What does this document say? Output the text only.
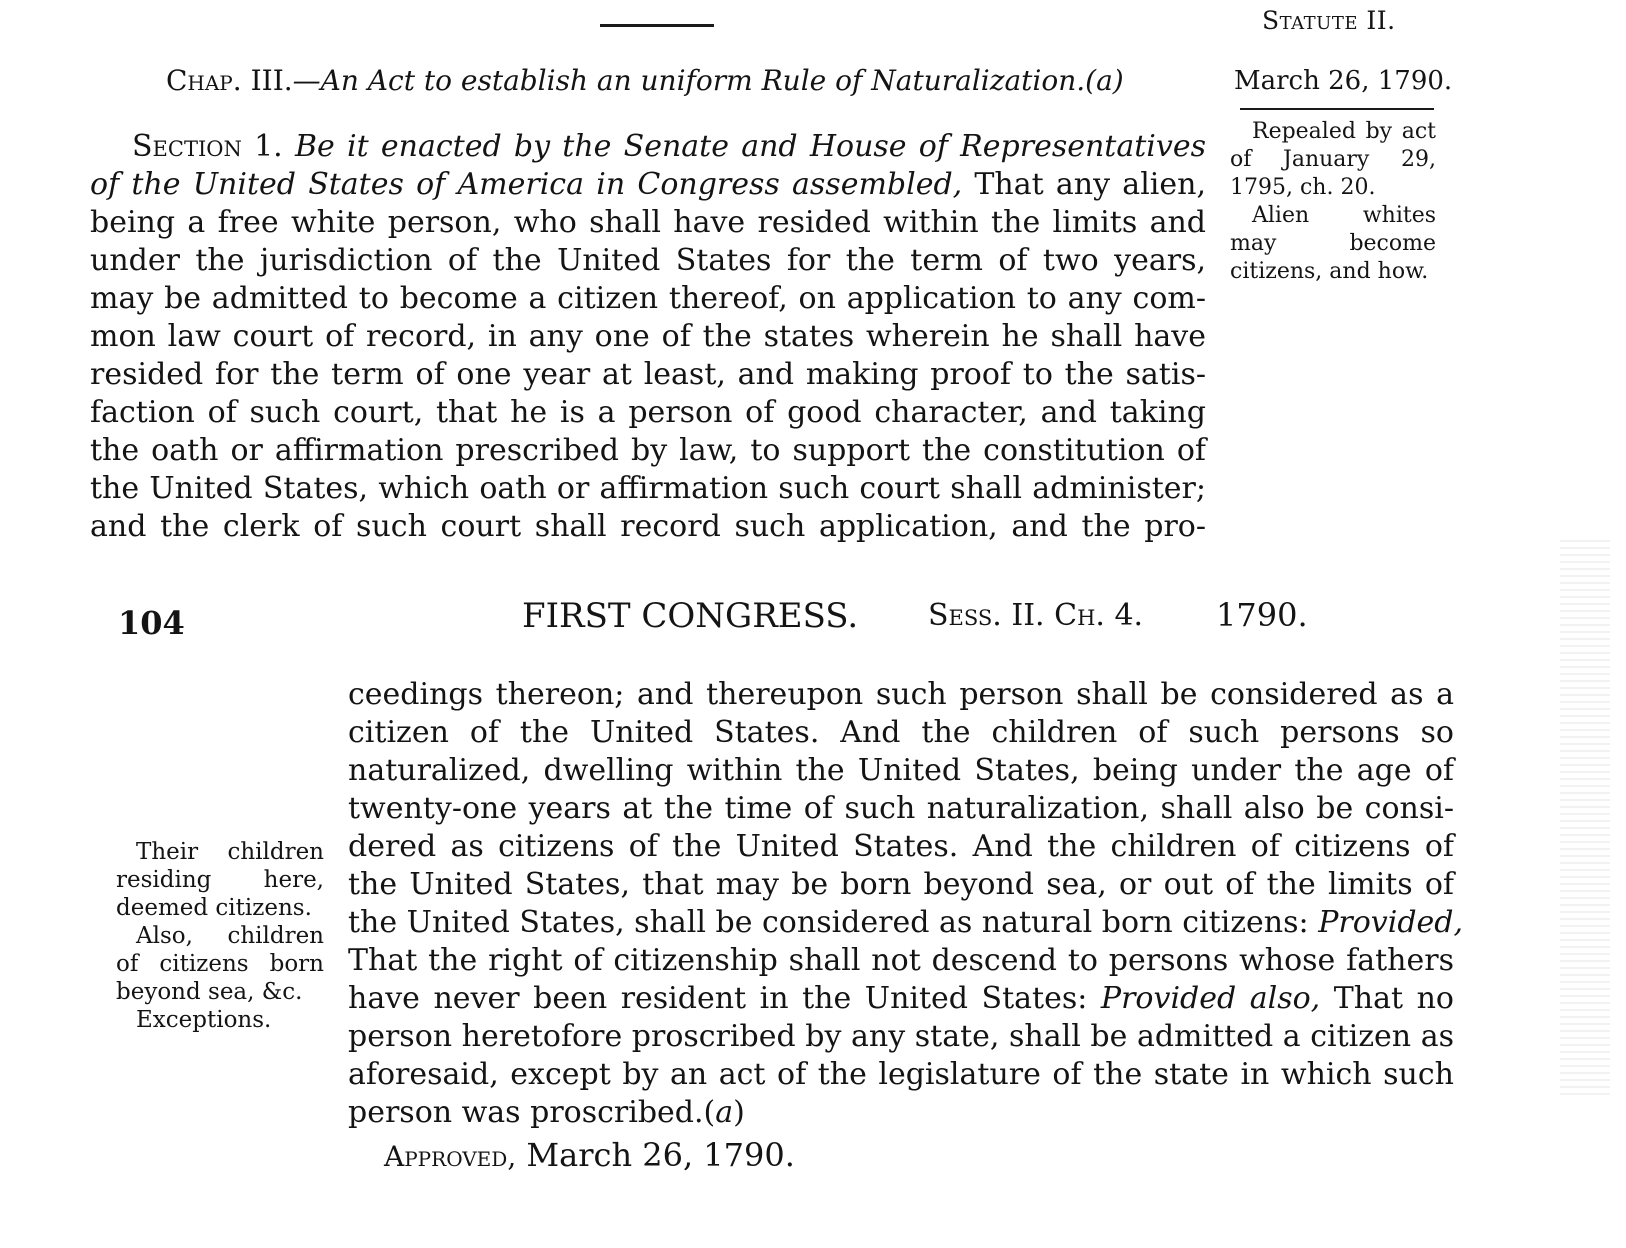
Statute II.
Chap. III.—An Act to establish an uniform Rule of Naturalization.(a)	March 26, 1790.

Repealed by act of January 29, 1795, ch. 20.

Alien whites may become citizens, and how.

Section 1. Be it enacted by the Senate and House of Representatives
of the United States of America in Congress assembled, That any alien,
being a free white person, who shall have resided within the limits and
under the jurisdiction of the United States for the term of two years,
may be admitted to become a citizen thereof, on application to any com-
mon law court of record, in any one of the states wherein he shall have
resided for the term of one year at least, and making proof to the satis-
faction of such court, that he is a person of good character, and taking
the oath or affirmation prescribed by law, to support the constitution of
the United States, which oath or affirmation such court shall administer;
and the clerk of such court shall record such application, and the pro-
104	FIRST CONGRESS. Sess. II. Ch. 4. 1790.

Their children residing here, deemed citizens.

Also, children of citizens born beyond sea, &c.

Exceptions.

ceedings thereon; and thereupon such person shall be considered as a
citizen of the United States. And the children of such persons so
naturalized, dwelling within the United States, being under the age of
twenty-one years at the time of such naturalization, shall also be consi-
dered as citizens of the United States. And the children of citizens of
the United States, that may be born beyond sea, or out of the limits of
the United States, shall be considered as natural born citizens: Provided,
That the right of citizenship shall not descend to persons whose fathers
have never been resident in the United States: Provided also, That no
person heretofore proscribed by any state, shall be admitted a citizen as
aforesaid, except by an act of the legislature of the state in which such
person was proscribed.(a)
Approved, March 26, 1790.
